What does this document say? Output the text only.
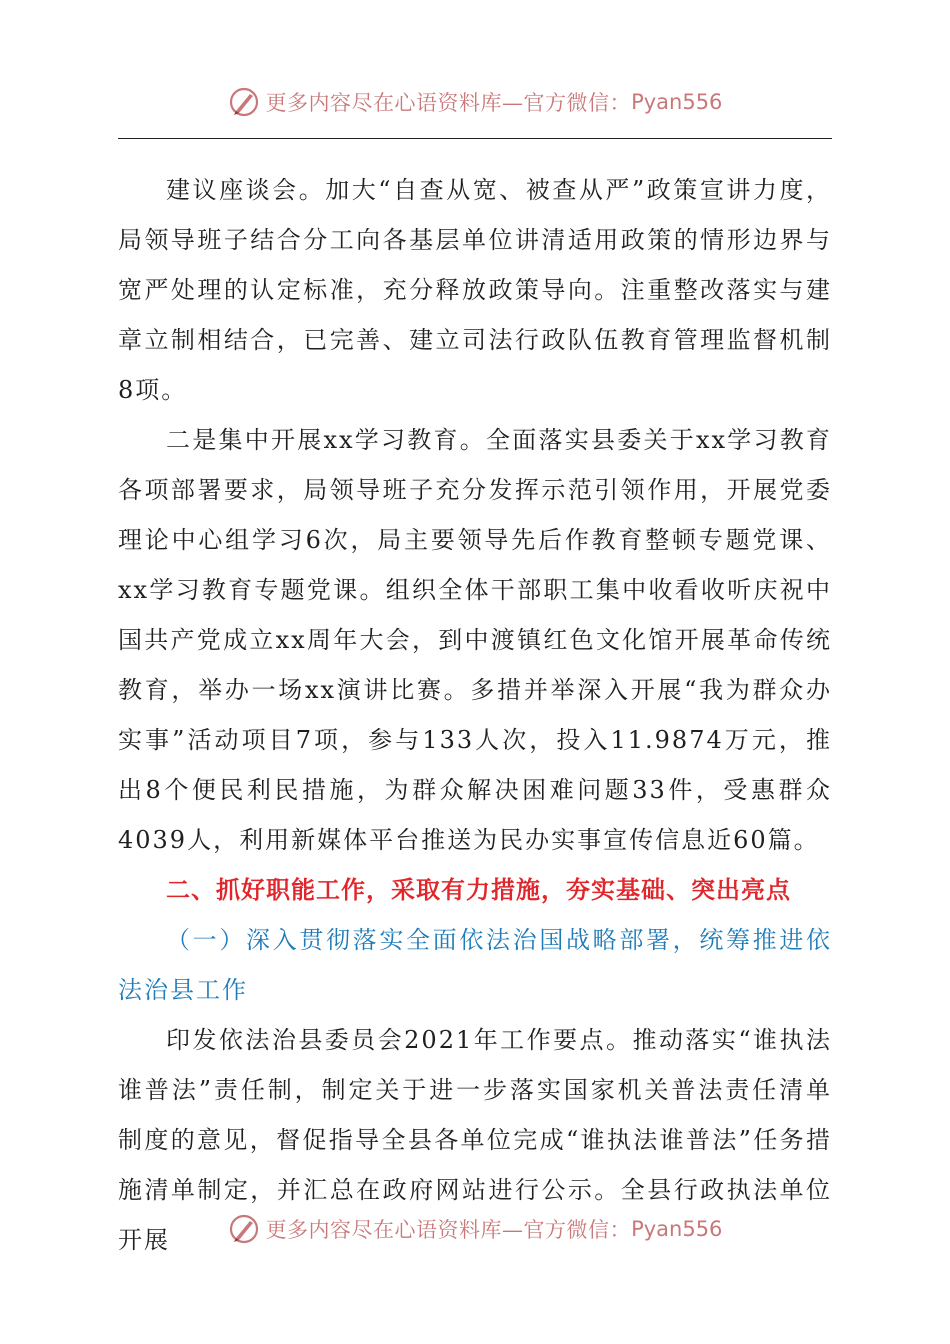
更多内容尽在心语资料库—官方微信： Pyan556

建议座谈会。加大“自查从宽、被查从严”政策宣讲力度，局领导班子结合分工向各基层单位讲清适用政策的情形边界与宽严处理的认定标准，充分释放政策导向。注重整改落实与建章立制相结合，已完善、建立司法行政队伍教育管理监督机制8项。

二是集中开展xx学习教育。全面落实县委关于xx学习教育各项部署要求，局领导班子充分发挥示范引领作用，开展党委理论中心组学习6次，局主要领导先后作教育整顿专题党课、xx学习教育专题党课。组织全体干部职工集中收看收听庆祝中国共产党成立xx周年大会，到中渡镇红色文化馆开展革命传统教育，举办一场xx演讲比赛。多措并举深入开展“我为群众办实事”活动项目7项，参与133人次，投入11.9874万元，推出8个便民利民措施，为群众解决困难问题33件，受惠群众4039人，利用新媒体平台推送为民办实事宣传信息近60篇。

二、抓好职能工作，采取有力措施，夯实基础、突出亮点

（一）深入贯彻落实全面依法治国战略部署，统筹推进依法治县工作

印发依法治县委员会2021年工作要点。推动落实“谁执法谁普法”责任制，制定关于进一步落实国家机关普法责任清单制度的意见，督促指导全县各单位完成“谁执法谁普法”任务措施清单制定，并汇总在政府网站进行公示。全县行政执法单位开展	更多内容尽在心语资料库—官方微信： Pyan556
